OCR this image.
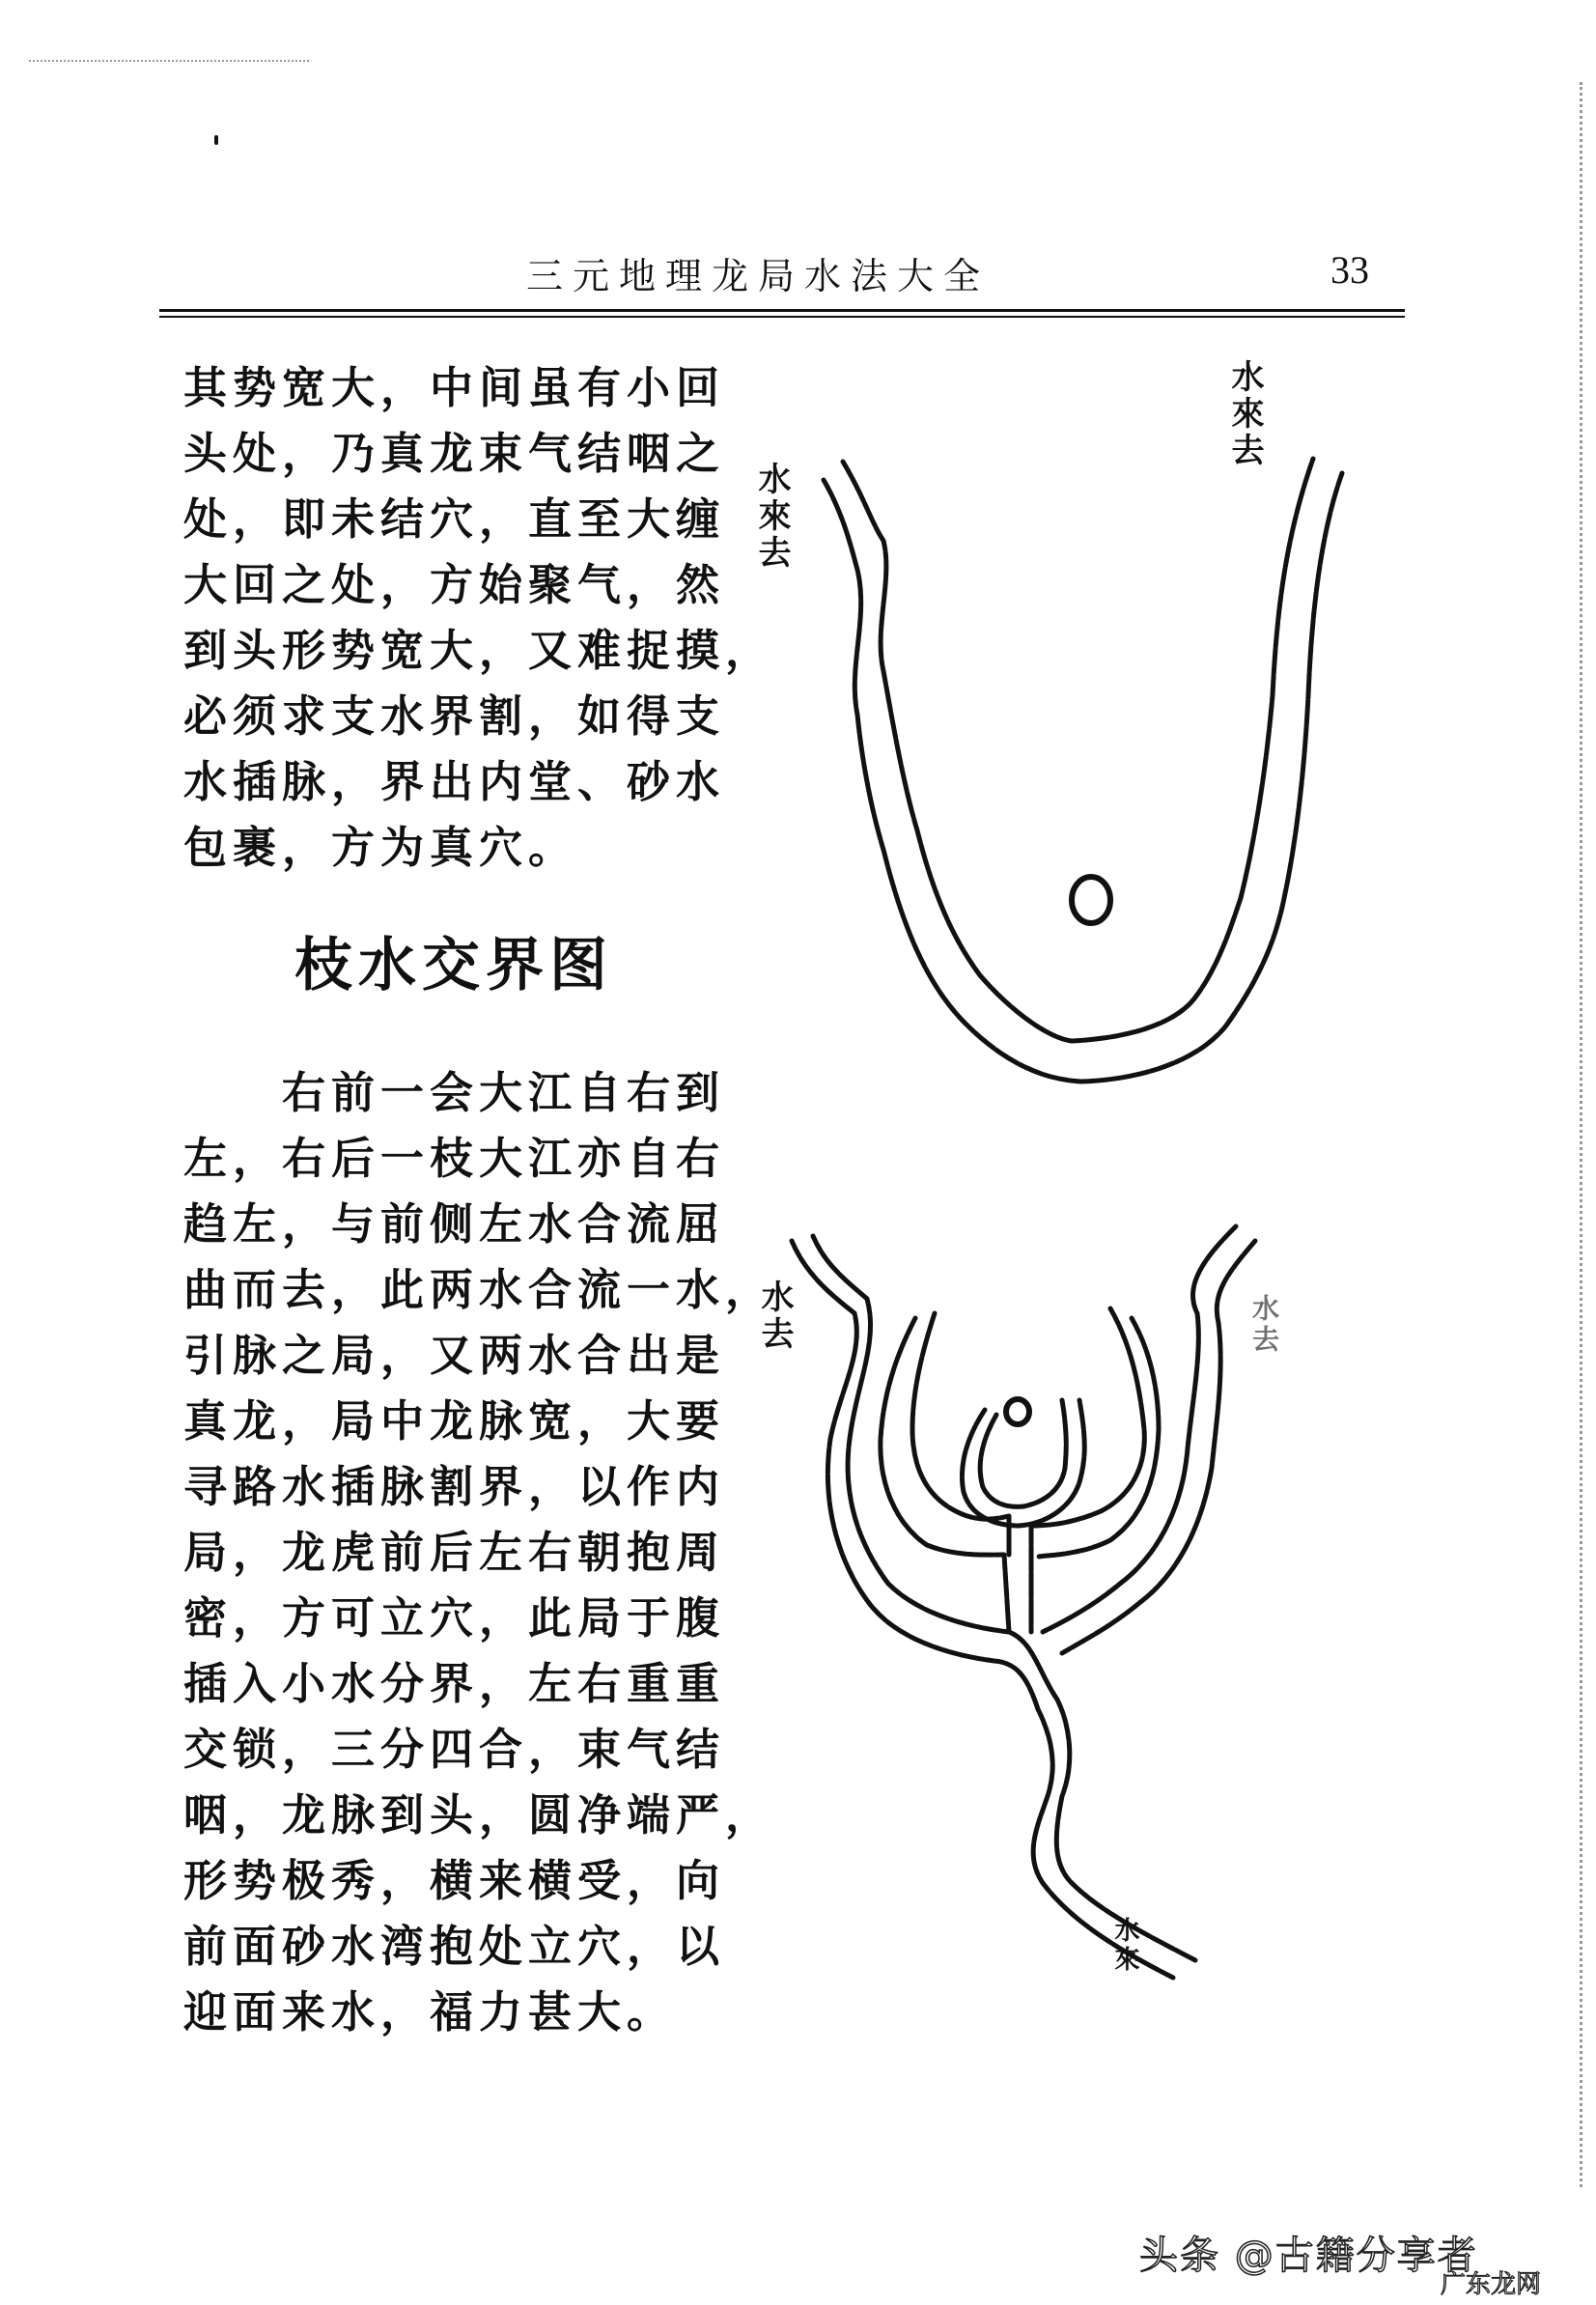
三元地理龙局水法大全	33
其势宽大，中间虽有小回
头处，乃真龙束气结咽之
处，即未结穴，直至大缠
大回之处，方始聚气，然
到头形势宽大，又难捉摸，
必须求支水界割，如得支
水插脉，界出内堂、砂水
包裹，方为真穴。
枝水交界图
　　右前一会大江自右到
左，右后一枝大江亦自右
趋左，与前侧左水合流屈
曲而去，此两水合流一水，
引脉之局，又两水合出是
真龙，局中龙脉宽，大要
寻路水插脉割界，以作内
局，龙虎前后左右朝抱周
密，方可立穴，此局于腹
插入小水分界，左右重重
交锁，三分四合，束气结
咽，龙脉到头，圆净端严，
形势极秀，横来横受，向
前面砂水湾抱处立穴，以
迎面来水，福力甚大。
水來去
水來去
水去	水去
水來
头条 @古籍分享者
广东龙网
